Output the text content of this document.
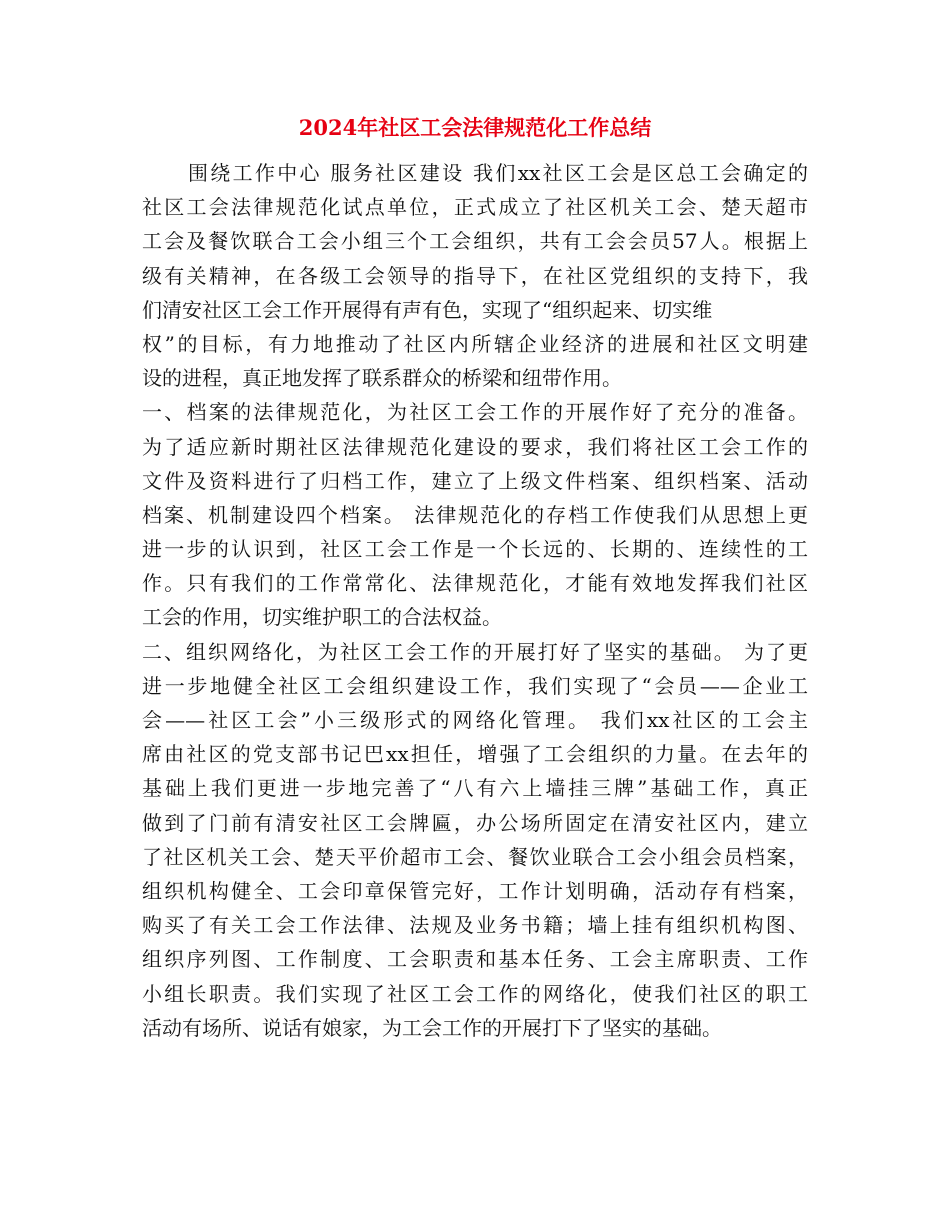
2024年社区工会法律规范化工作总结
围绕工作中心 服务社区建设 我们xx社区工会是区总工会确定的
社区工会法律规范化试点单位，正式成立了社区机关工会、楚天超市
工会及餐饮联合工会小组三个工会组织，共有工会会员57人。根据上
级有关精神，在各级工会领导的指导下，在社区党组织的支持下，我
们清安社区工会工作开展得有声有色，实现了“组织起来、切实维
权”的目标，有力地推动了社区内所辖企业经济的进展和社区文明建
设的进程，真正地发挥了联系群众的桥梁和纽带作用。
一、档案的法律规范化，为社区工会工作的开展作好了充分的准备。
为了适应新时期社区法律规范化建设的要求，我们将社区工会工作的
文件及资料进行了归档工作，建立了上级文件档案、组织档案、活动
档案、机制建设四个档案。 法律规范化的存档工作使我们从思想上更
进一步的认识到，社区工会工作是一个长远的、长期的、连续性的工
作。只有我们的工作常常化、法律规范化，才能有效地发挥我们社区
工会的作用，切实维护职工的合法权益。
二、组织网络化，为社区工会工作的开展打好了坚实的基础。 为了更
进一步地健全社区工会组织建设工作，我们实现了“会员——企业工
会——社区工会”小三级形式的网络化管理。 我们xx社区的工会主
席由社区的党支部书记巴xx担任，增强了工会组织的力量。在去年的
基础上我们更进一步地完善了“八有六上墙挂三牌”基础工作，真正
做到了门前有清安社区工会牌匾，办公场所固定在清安社区内，建立
了社区机关工会、楚天平价超市工会、餐饮业联合工会小组会员档案，
组织机构健全、工会印章保管完好，工作计划明确，活动存有档案，
购买了有关工会工作法律、法规及业务书籍；墙上挂有组织机构图、
组织序列图、工作制度、工会职责和基本任务、工会主席职责、工作
小组长职责。我们实现了社区工会工作的网络化，使我们社区的职工
活动有场所、说话有娘家，为工会工作的开展打下了坚实的基础。
